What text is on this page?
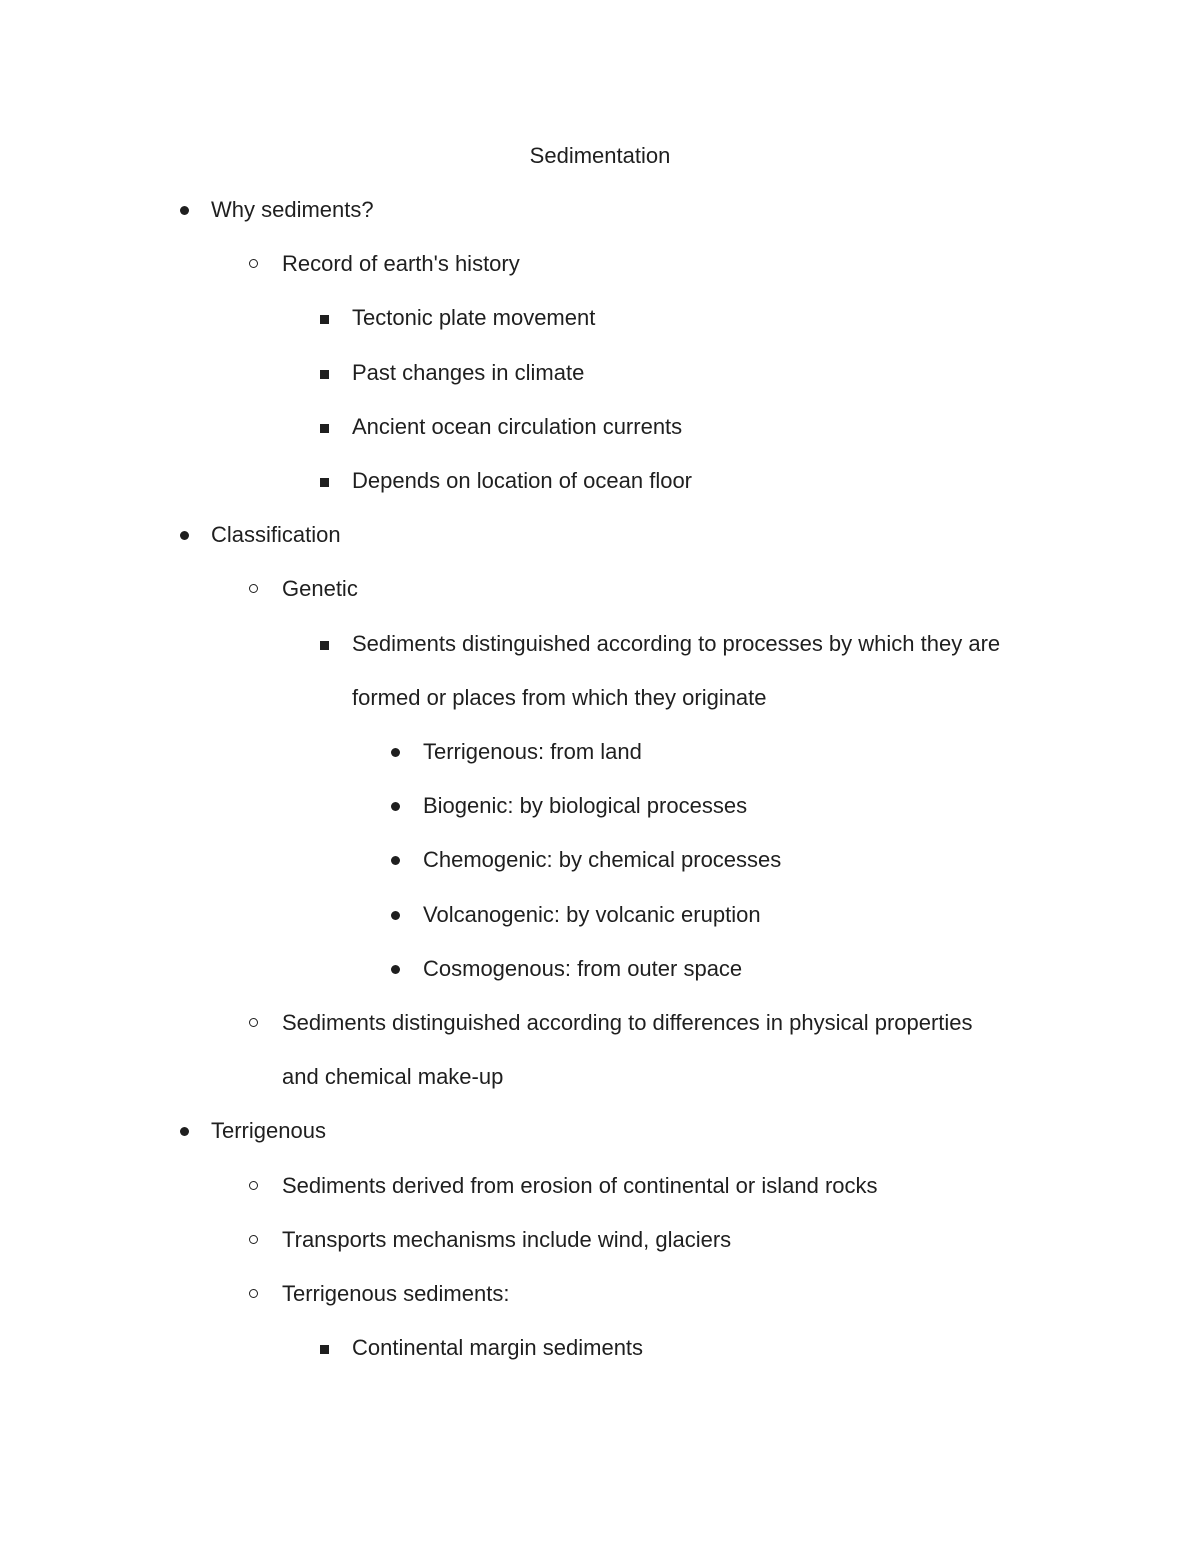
Sedimentation
Why sediments?
Record of earth's history
Tectonic plate movement
Past changes in climate
Ancient ocean circulation currents
Depends on location of ocean floor
Classification
Genetic
Sediments distinguished according to processes by which they are
formed or places from which they originate
Terrigenous: from land
Biogenic: by biological processes
Chemogenic: by chemical processes
Volcanogenic: by volcanic eruption
Cosmogenous: from outer space
Sediments distinguished according to differences in physical properties
and chemical make-up
Terrigenous
Sediments derived from erosion of continental or island rocks
Transports mechanisms include wind, glaciers
Terrigenous sediments:
Continental margin sediments
